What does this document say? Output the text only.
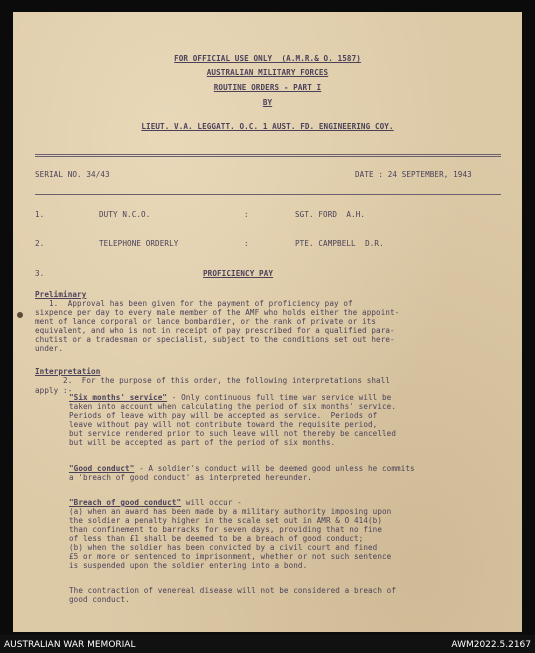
FOR OFFICIAL USE ONLY  (A.M.R.& O. 1587)
AUSTRALIAN MILITARY FORCES
ROUTINE ORDERS - PART I
BY
LIEUT. V.A. LEGGATT. O.C. 1 AUST. FD. ENGINEERING COY.
SERIAL NO. 34/43	DATE : 24 SEPTEMBER, 1943
1.	DUTY N.C.O.	:	SGT. FORD  A.H.
2.	TELEPHONE ORDERLY	:	PTE. CAMPBELL  D.R.
3.	PROFICIENCY PAY
Preliminary
1.  Approval has been given for the payment of proficiency pay of
sixpence per day to every male member of the AMF who holds either the appoint-
ment of lance corporal or lance bombardier, or the rank of private or its
equivalent, and who is not in receipt of pay prescribed for a qualified para-
chutist or a tradesman or specialist, subject to the conditions set out here-
under.
Interpretation
2.  For the purpose of this order, the following interpretations shall
apply :-
"Six months' service" - Only continuous full time war service will be
taken into account when calculating the period of six months' service.
Periods of leave with pay will be accepted as service.  Periods of
leave without pay will not contribute toward the requisite period,
but service rendered prior to such leave will not thereby be cancelled
but will be accepted as part of the period of six months.
"Good conduct" - A soldier's conduct will be deemed good unless he commits
a 'breach of good conduct' as interpreted hereunder.
"Breach of good conduct" will occur -
(a) when an award has been made by a military authority imposing upon
the soldier a penalty higher in the scale set out in AMR & O 414(b)
than confinement to barracks for seven days, providing that no fine
of less than £1 shall be deemed to be a breach of good conduct;
(b) when the soldier has been convicted by a civil court and fined
£5 or more or sentenced to imprisonment, whether or not such sentence
is suspended upon the soldier entering into a bond.
The contraction of venereal disease will not be considered a breach of
good conduct.
AUSTRALIAN WAR MEMORIAL	AWM2022.5.2167
